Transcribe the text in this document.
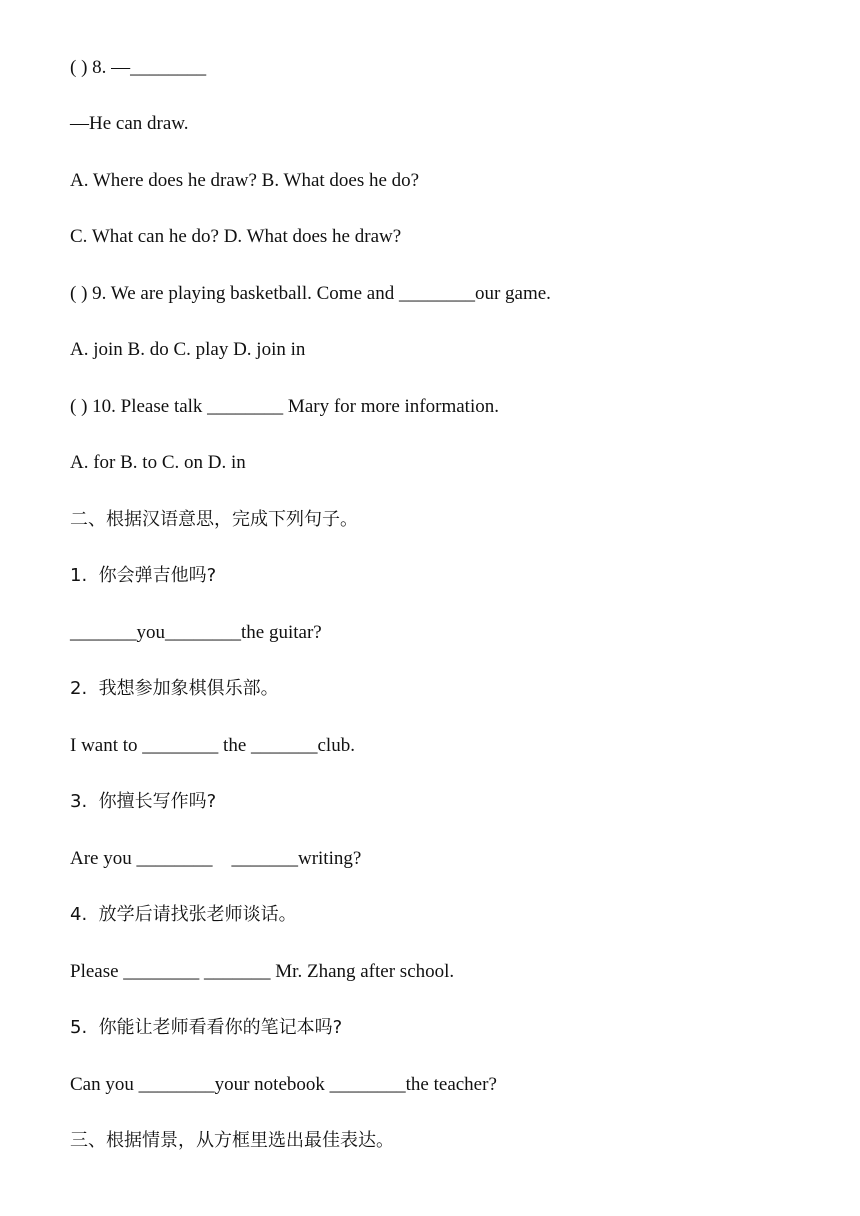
( ) 8. —________
—He can draw.
A. Where does he draw? B. What does he do?
C. What can he do? D. What does he draw?
( ) 9. We are playing basketball. Come and ________our game.
A. join B. do C. play D. join in
( ) 10. Please talk ________ Mary for more information.
A. for B. to C. on D. in
二、根据汉语意思，完成下列句子。
1.  你会弹吉他吗?
_______you________the guitar?
2.  我想参加象棋俱乐部。
I want to ________ the _______club.
3.  你擅长写作吗?
Are you ________    _______writing?
4.  放学后请找张老师谈话。
Please ________ _______ Mr. Zhang after school.
5.  你能让老师看看你的笔记本吗?
Can you ________your notebook ________the teacher?
三、根据情景，从方框里选出最佳表达。
